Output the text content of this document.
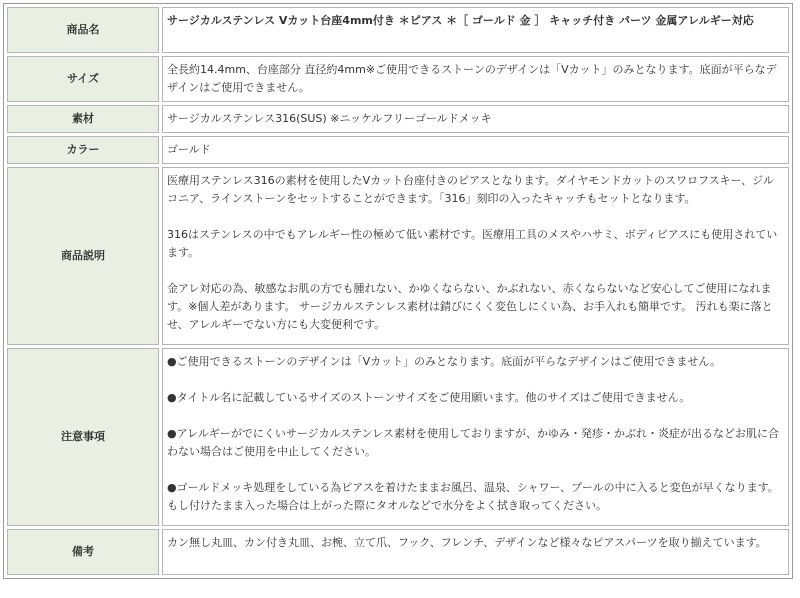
商品名	サージカルステンレス Vカット台座4mm付き ＊ピアス ＊［ ゴールド 金 ］ キャッチ付き パーツ 金属アレルギー対応
サイズ	全長約14.4mm、台座部分 直径約4mm※ご使用できるストーンのデザインは「Vカット」のみとなります。底面が平らなデザインはご使用できません。
素材	サージカルステンレス316(SUS) ※ニッケルフリーゴールドメッキ
カラー	ゴールド
商品説明	医療用ステンレス316の素材を使用したVカット台座付きのピアスとなります。ダイヤモンドカットのスワロフスキー、ジルコニア、ラインストーンをセットすることができます。「316」刻印の入ったキャッチもセットとなります。

316はステンレスの中でもアレルギー性の極めて低い素材です。医療用工具のメスやハサミ、ボディピアスにも使用されています。

金アレ対応の為、敏感なお肌の方でも腫れない、かゆくならない、かぶれない、赤くならないなど安心してご使用になれます。※個人差があります。 サージカルステンレス素材は錆びにくく変色しにくい為、お手入れも簡単です。 汚れも楽に落とせ、アレルギーでない方にも大変便利です。

注意事項	●ご使用できるストーンのデザインは「Vカット」のみとなります。底面が平らなデザインはご使用できません。

●タイトル名に記載しているサイズのストーンサイズをご使用願います。他のサイズはご使用できません。

●アレルギーがでにくいサージカルステンレス素材を使用しておりますが、かゆみ・発疹・かぶれ・炎症が出るなどお肌に合わない場合はご使用を中止してください。

●ゴールドメッキ処理をしている為ピアスを着けたままお風呂、温泉、シャワー、プールの中に入ると変色が早くなります。もし付けたまま入った場合は上がった際にタオルなどで水分をよく拭き取ってください。

備考	カン無し丸皿、カン付き丸皿、お椀、立て爪、フック、フレンチ、デザインなど様々なピアスパーツを取り揃えています。
